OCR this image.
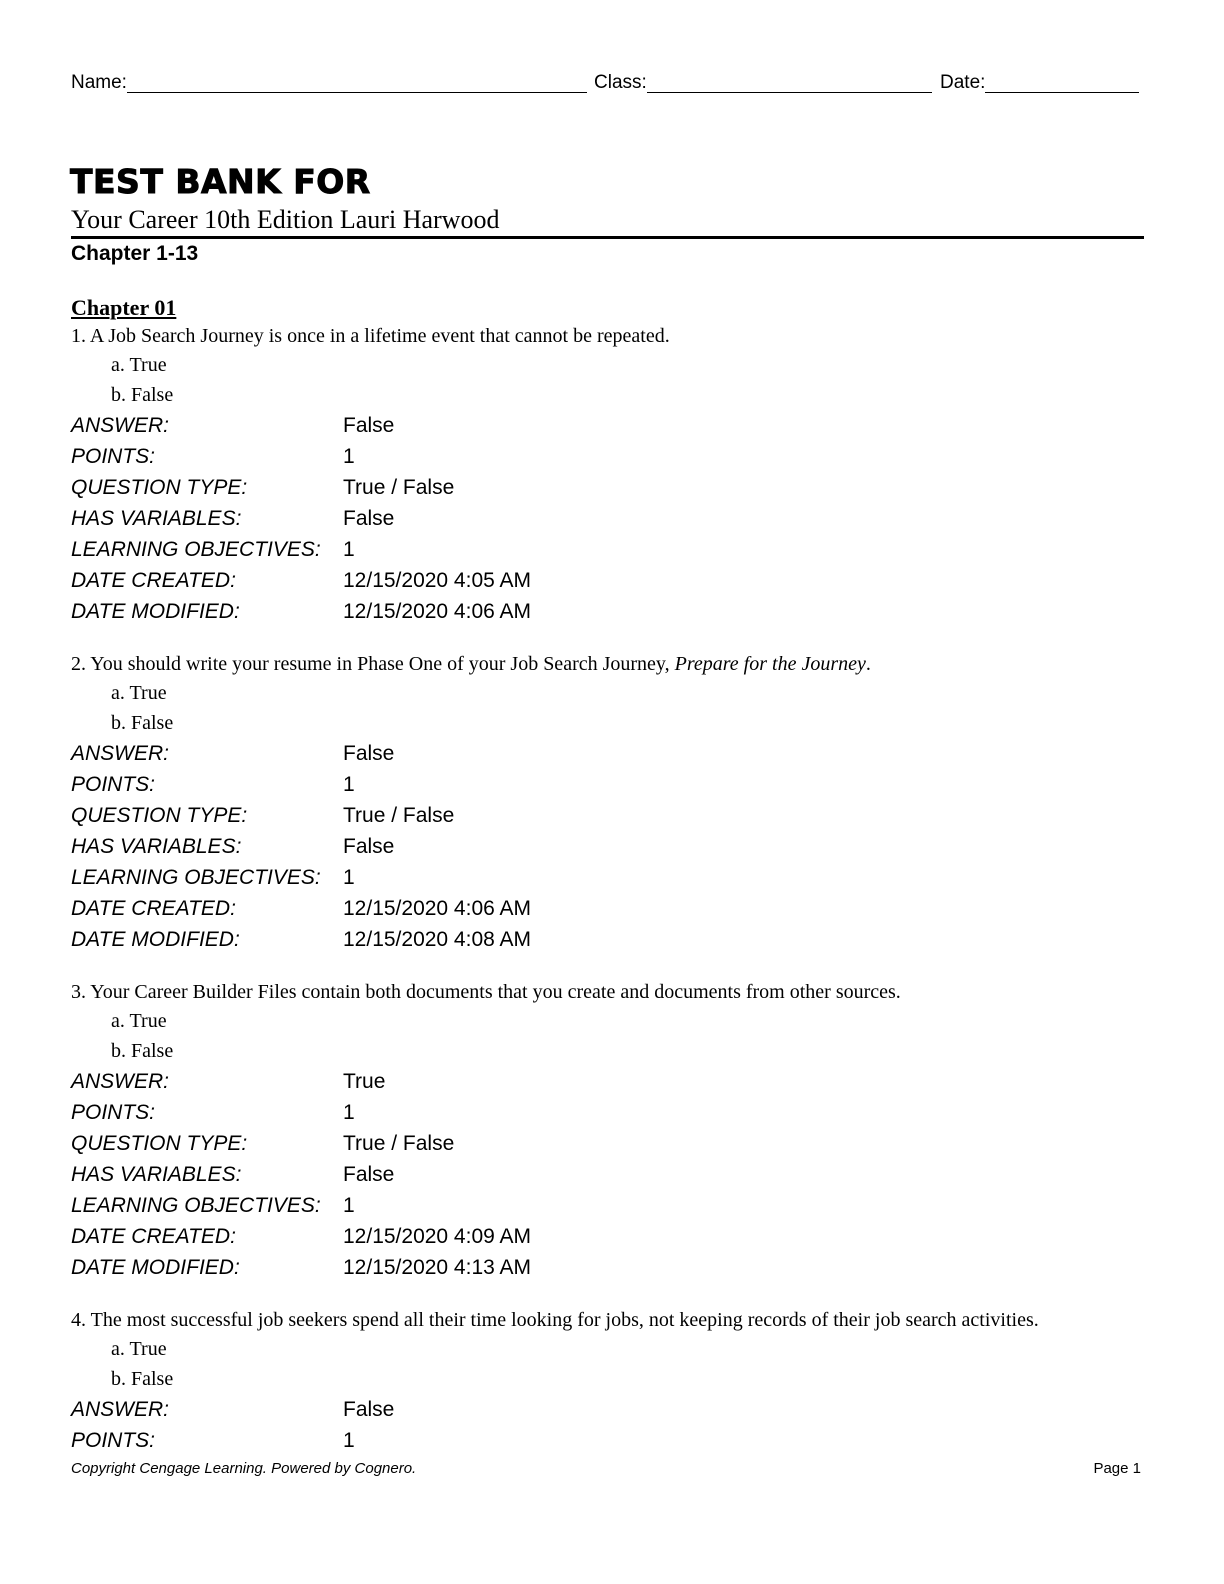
Name:	Class:	Date:
TEST BANK FOR
Your Career 10th Edition Lauri Harwood
Chapter 1-13
Chapter 01
1. A Job Search Journey is once in a lifetime event that cannot be repeated.
a. True
b. False
ANSWER:	False
POINTS:	1
QUESTION TYPE:	True / False
HAS VARIABLES:	False
LEARNING OBJECTIVES:	1
DATE CREATED:	12/15/2020 4:05 AM
DATE MODIFIED:	12/15/2020 4:06 AM
2. You should write your resume in Phase One of your Job Search Journey, Prepare for the Journey.
a. True
b. False
ANSWER:	False
POINTS:	1
QUESTION TYPE:	True / False
HAS VARIABLES:	False
LEARNING OBJECTIVES:	1
DATE CREATED:	12/15/2020 4:06 AM
DATE MODIFIED:	12/15/2020 4:08 AM
3. Your Career Builder Files contain both documents that you create and documents from other sources.
a. True
b. False
ANSWER:	True
POINTS:	1
QUESTION TYPE:	True / False
HAS VARIABLES:	False
LEARNING OBJECTIVES:	1
DATE CREATED:	12/15/2020 4:09 AM
DATE MODIFIED:	12/15/2020 4:13 AM
4. The most successful job seekers spend all their time looking for jobs, not keeping records of their job search activities.
a. True
b. False
ANSWER:	False
POINTS:	1
Copyright Cengage Learning. Powered by Cognero.	Page 1
